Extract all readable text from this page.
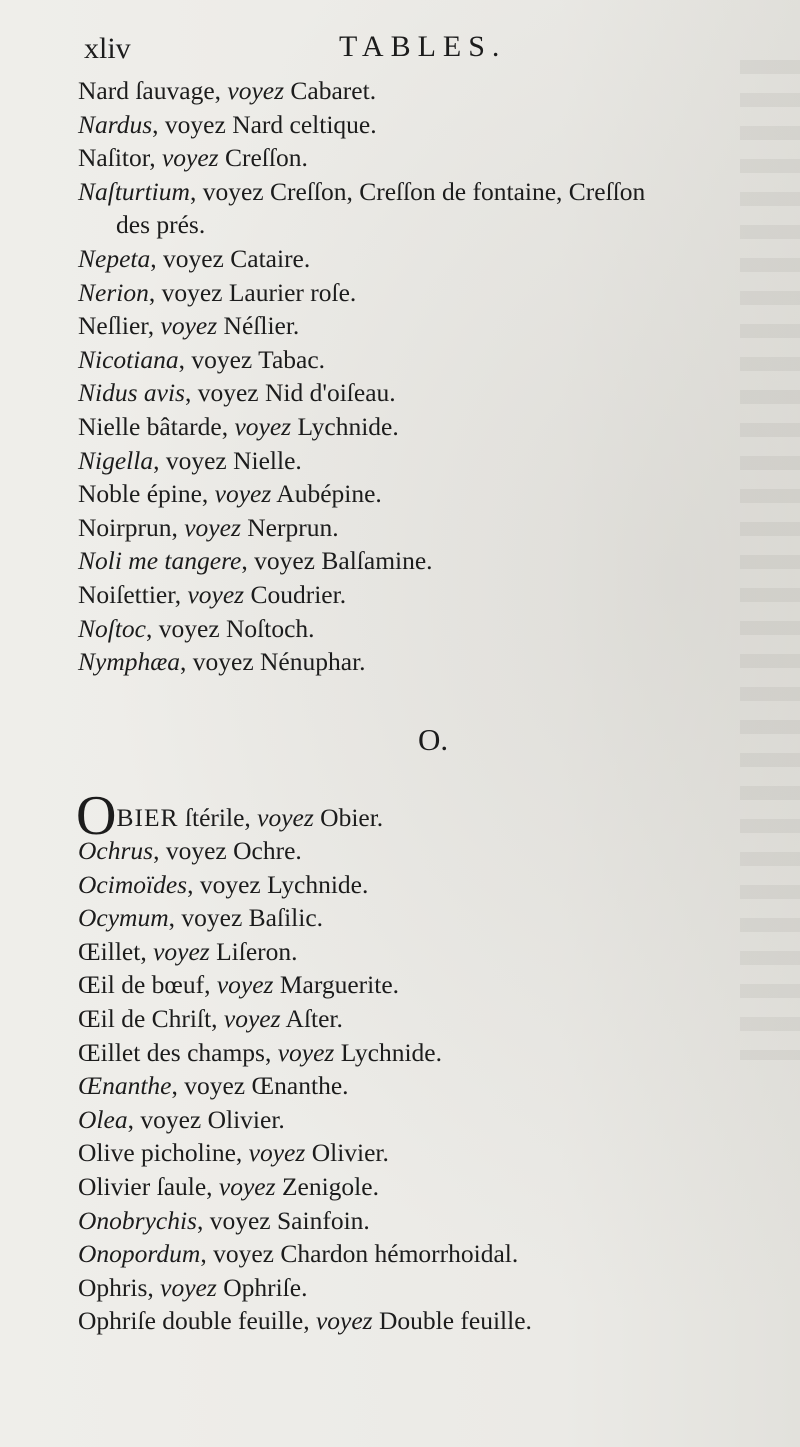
xliv	TABLES.
Nard ſauvage, voyez Cabaret.
Nardus, voyez Nard celtique.
Naſitor, voyez Creſſon.
Naſturtium, voyez Creſſon, Creſſon de fontaine, Creſſon
des prés.
Nepeta, voyez Cataire.
Nerion, voyez Laurier roſe.
Neſlier, voyez Néſlier.
Nicotiana, voyez Tabac.
Nidus avis, voyez Nid d'oiſeau.
Nielle bâtarde, voyez Lychnide.
Nigella, voyez Nielle.
Noble épine, voyez Aubépine.
Noirprun, voyez Nerprun.
Noli me tangere, voyez Balſamine.
Noiſettier, voyez Coudrier.
Noſtoc, voyez Noſtoch.
Nymphæa, voyez Nénuphar.
O.
OBIER ſtérile, voyez Obier.
Ochrus, voyez Ochre.
Ocimoïdes, voyez Lychnide.
Ocymum, voyez Baſilic.
Œillet, voyez Liſeron.
Œil de bœuf, voyez Marguerite.
Œil de Chriſt, voyez Aſter.
Œillet des champs, voyez Lychnide.
Œnanthe, voyez Œnanthe.
Olea, voyez Olivier.
Olive picholine, voyez Olivier.
Olivier ſaule, voyez Zenigole.
Onobrychis, voyez Sainfoin.
Onopordum, voyez Chardon hémorrhoidal.
Ophris, voyez Ophriſe.
Ophriſe double feuille, voyez Double feuille.
